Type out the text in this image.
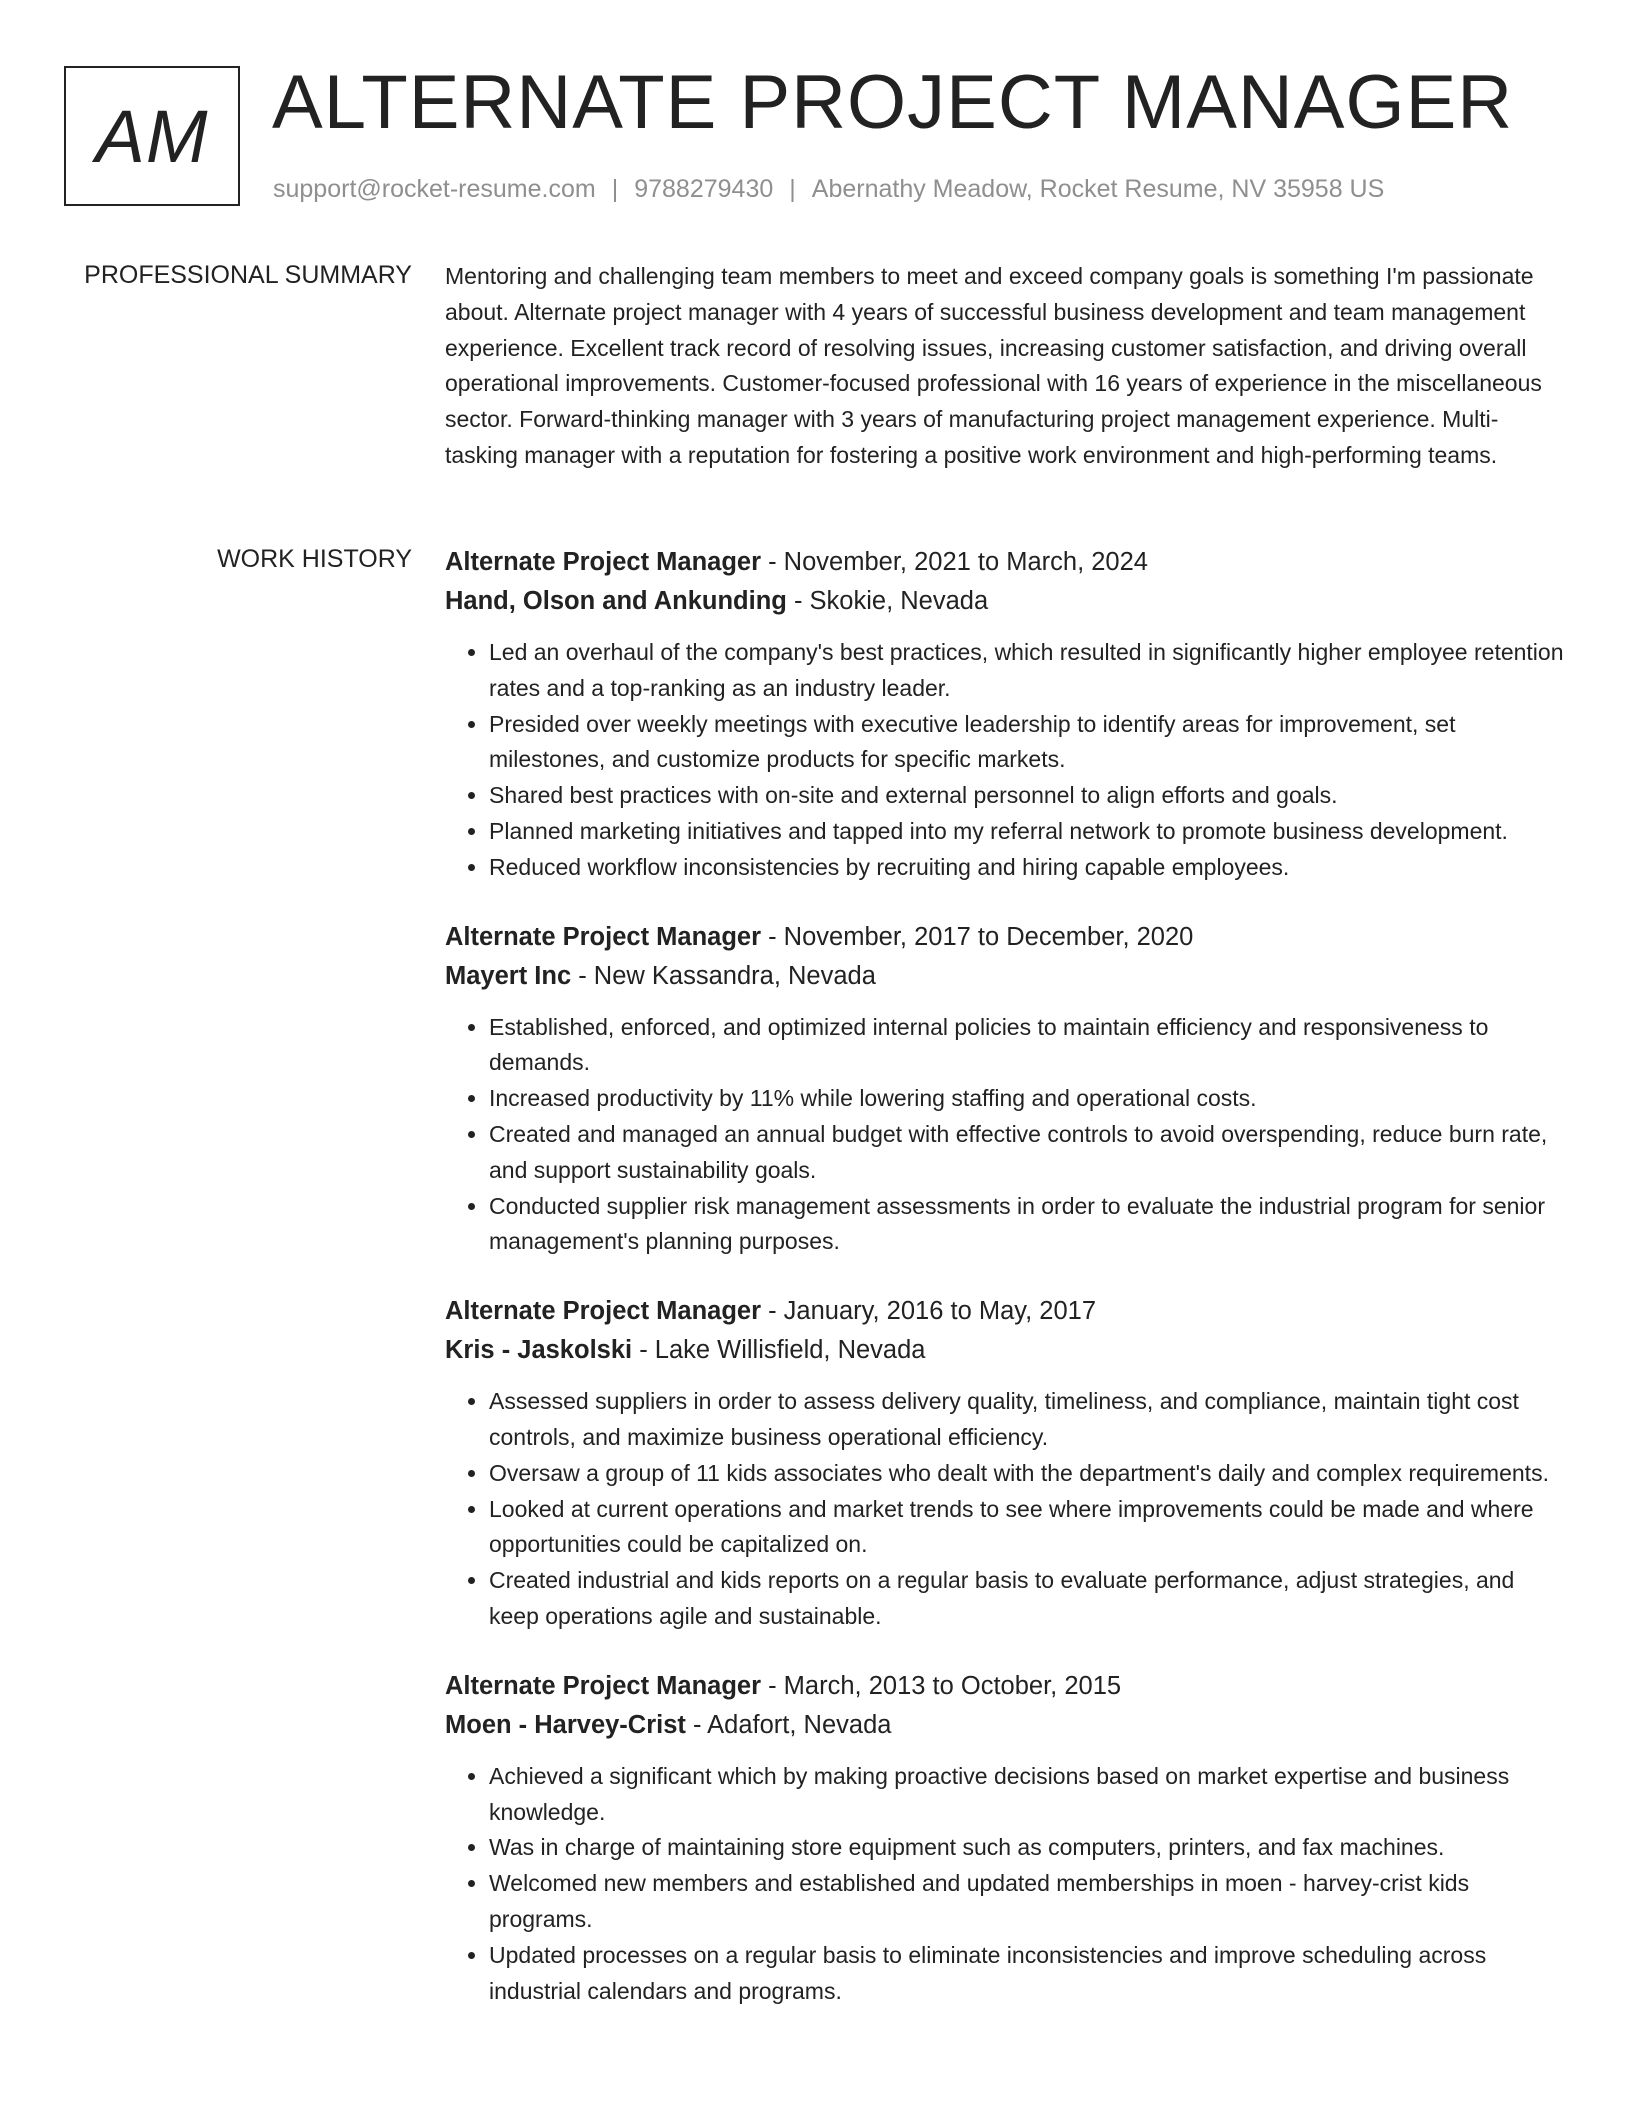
AM ALTERNATE PROJECT MANAGER
support@rocket-resume.com | 9788279430 | Abernathy Meadow, Rocket Resume, NV 35958 US
PROFESSIONAL SUMMARY Mentoring and challenging team members to meet and exceed company goals is something I'm passionate about. Alternate project manager with 4 years of successful business development and team management experience. Excellent track record of resolving issues, increasing customer satisfaction, and driving overall operational improvements. Customer-focused professional with 16 years of experience in the miscellaneous sector. Forward-thinking manager with 3 years of manufacturing project management experience. Multi-tasking manager with a reputation for fostering a positive work environment and high-performing teams.

WORK HISTORY Alternate Project Manager - November, 2021 to March, 2024
Hand, Olson and Ankunding - Skokie, Nevada
• Led an overhaul of the company's best practices, which resulted in significantly higher employee retention rates and a top-ranking as an industry leader.
• Presided over weekly meetings with executive leadership to identify areas for improvement, set milestones, and customize products for specific markets.
• Shared best practices with on-site and external personnel to align efforts and goals.
• Planned marketing initiatives and tapped into my referral network to promote business development.
• Reduced workflow inconsistencies by recruiting and hiring capable employees.
Alternate Project Manager - November, 2017 to December, 2020
Mayert Inc - New Kassandra, Nevada
• Established, enforced, and optimized internal policies to maintain efficiency and responsiveness to demands.
• Increased productivity by 11% while lowering staffing and operational costs.
• Created and managed an annual budget with effective controls to avoid overspending, reduce burn rate, and support sustainability goals.
• Conducted supplier risk management assessments in order to evaluate the industrial program for senior management's planning purposes.
Alternate Project Manager - January, 2016 to May, 2017
Kris - Jaskolski - Lake Willisfield, Nevada
• Assessed suppliers in order to assess delivery quality, timeliness, and compliance, maintain tight cost controls, and maximize business operational efficiency.
• Oversaw a group of 11 kids associates who dealt with the department's daily and complex requirements.
• Looked at current operations and market trends to see where improvements could be made and where opportunities could be capitalized on.
• Created industrial and kids reports on a regular basis to evaluate performance, adjust strategies, and keep operations agile and sustainable.
Alternate Project Manager - March, 2013 to October, 2015
Moen - Harvey-Crist - Adafort, Nevada
• Achieved a significant which by making proactive decisions based on market expertise and business knowledge.
• Was in charge of maintaining store equipment such as computers, printers, and fax machines.
• Welcomed new members and established and updated memberships in moen - harvey-crist kids programs.
• Updated processes on a regular basis to eliminate inconsistencies and improve scheduling across industrial calendars and programs.
